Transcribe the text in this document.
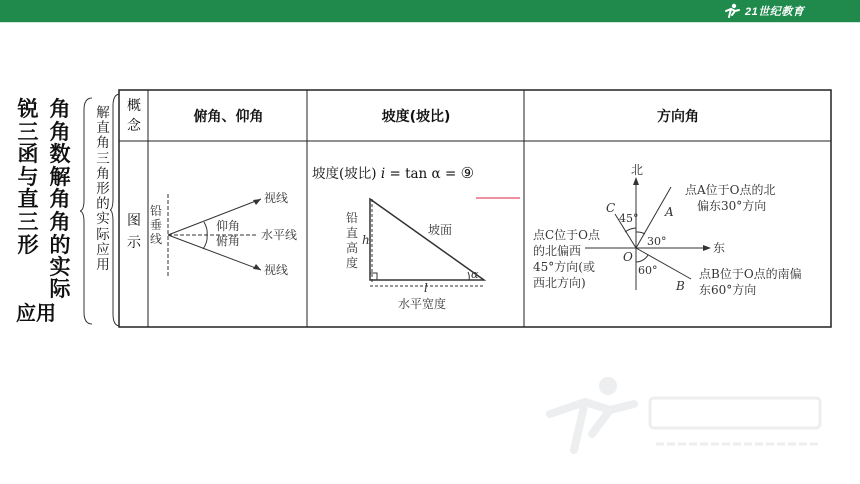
21世纪教育
锐
三
函
与
直
三
形
应用
角
角
数
解
角
角
的
实
际
解
直
角
三
角
形
的
实
际
应
用
概
念
图
示
俯角、仰角	坡度(坡比)	方向角
铅 垂 线
视线
仰角
水平线
俯角
视线
坡度(坡比) i = tan α = ⑨
α
h
l
坡面
铅 直 高 度
水平宽度
北
东
O
A
B
C
45°
30°
60°
点A位于O点的北 偏东30°方向
点C位于O点 的北偏西 45°方向(或 西北方向)
点B位于O点的南偏 东60°方向
